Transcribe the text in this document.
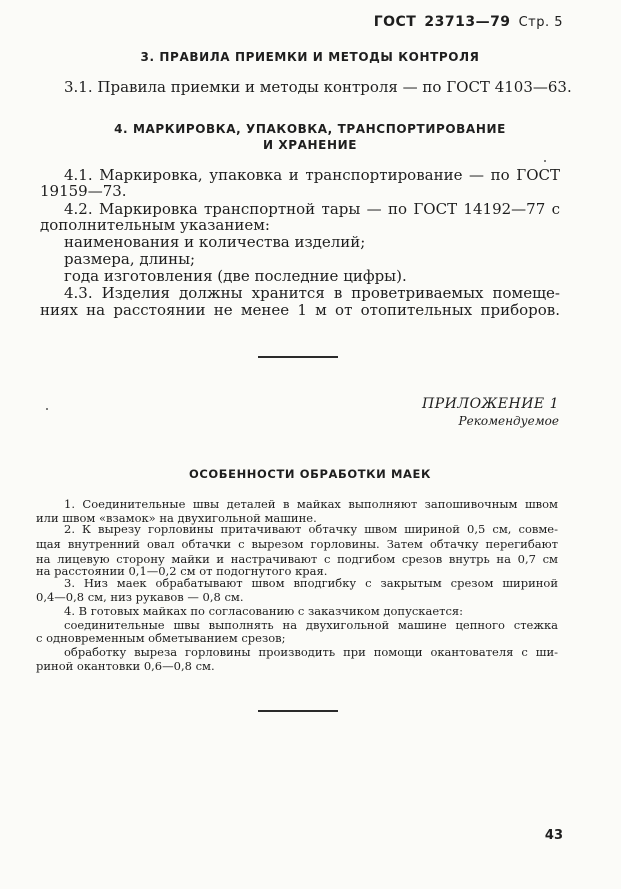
ГОСТ 23713—79 Стр. 5
3. ПРАВИЛА ПРИЕМКИ И МЕТОДЫ КОНТРОЛЯ
3.1. Правила приемки и методы контроля — по ГОСТ 4103—63.
4. МАРКИРОВКА, УПАКОВКА, ТРАНСПОРТИРОВАНИЕ
И ХРАНЕНИЕ
4.1. Маркировка, упаковка и транспортирование — по ГОСТ
19159—73.
4.2. Маркировка транспортной тары — по ГОСТ 14192—77 с
дополнительным указанием:
наименования и количества изделий;
размера, длины;
года изготовления (две последние цифры).
4.3. Изделия должны хранится в проветриваемых помеще-
ниях на расстоянии не менее 1 м от отопительных приборов.
ПРИЛОЖЕНИЕ 1
Рекомендуемое
ОСОБЕННОСТИ ОБРАБОТКИ МАЕК
1. Соединительные швы деталей в майках выполняют запошивочным швом
или швом «взамок» на двухигольной машине.
2. К вырезу горловины притачивают обтачку швом шириной 0,5 см, совме-
щая внутренний овал обтачки с вырезом горловины. Затем обтачку перегибают
на лицевую сторону майки и настрачивают с подгибом срезов внутрь на 0,7 см
на расстоянии 0,1—0,2 см от подогнутого края.
3. Низ маек обрабатывают швом вподгибку с закрытым срезом шириной
0,4—0,8 см, низ рукавов — 0,8 см.
4. В готовых майках по согласованию с заказчиком допускается:
соединительные швы выполнять на двухигольной машине цепного стежка
с одновременным обметыванием срезов;
обработку выреза горловины производить при помощи окантователя с ши-
риной окантовки 0,6—0,8 см.
43
